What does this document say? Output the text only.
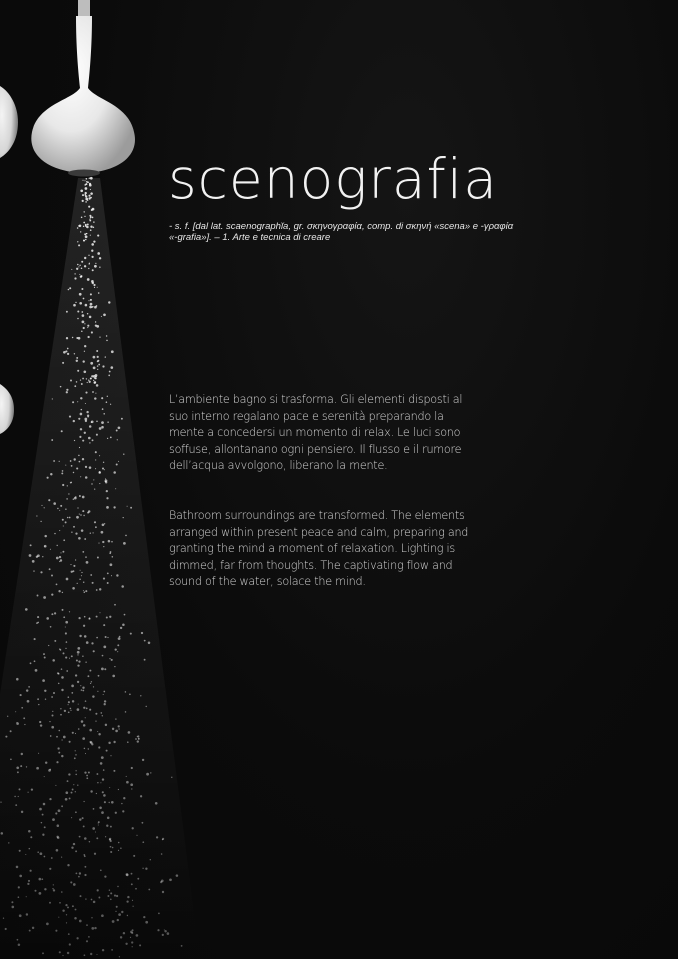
scenografia

- s. f. [dal lat. scaenographĭa, gr. σκηνογραφία, comp. di σκηνή «scena» e -γραφία «-grafia»]. – 1. Arte e tecnica di creare

L’ambiente bagno si trasforma. Gli elementi disposti al suo interno regalano pace e serenità preparando la mente a concedersi un momento di relax. Le luci sono soffuse, allontanano ogni pensiero. Il flusso e il rumore dell’acqua avvolgono, liberano la mente.

Bathroom surroundings are transformed. The elements arranged within present peace and calm, preparing and granting the mind a moment of relaxation. Lighting is dimmed, far from thoughts. The captivating flow and sound of the water, solace the mind.
